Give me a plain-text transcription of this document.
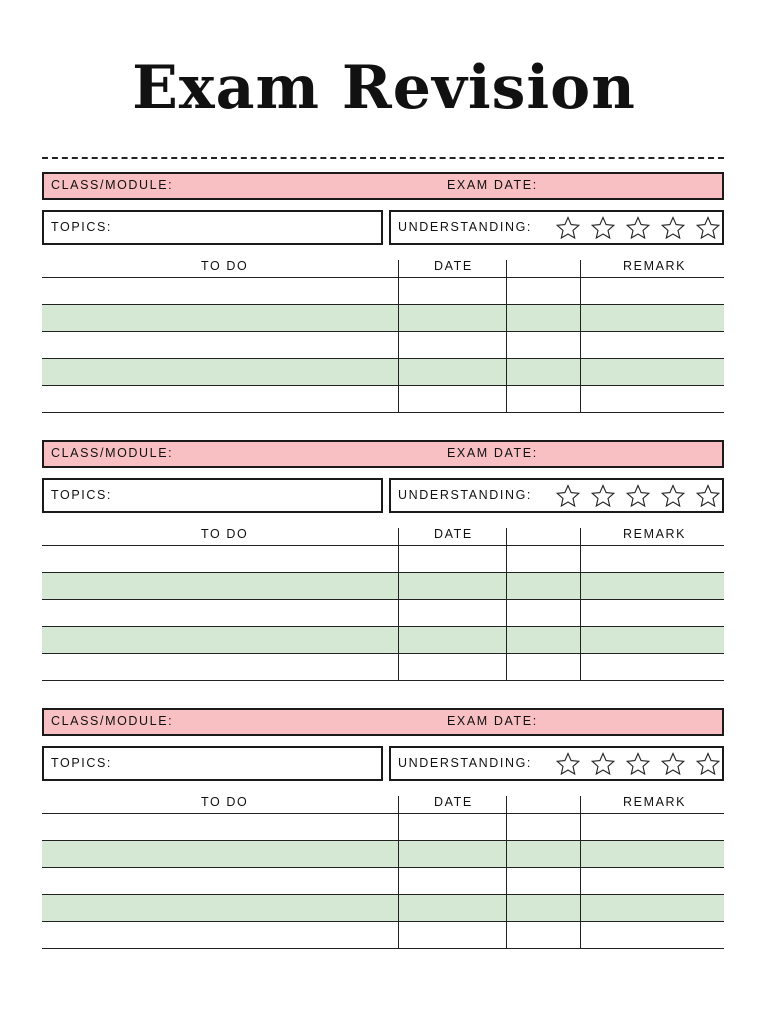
Exam Revision
CLASS/MODULE:	EXAM DATE:
TOPICS:	UNDERSTANDING:
TO DO	DATE	REMARK
CLASS/MODULE:	EXAM DATE:
TOPICS:	UNDERSTANDING:
TO DO	DATE	REMARK
CLASS/MODULE:	EXAM DATE:
TOPICS:	UNDERSTANDING:
TO DO	DATE	REMARK
